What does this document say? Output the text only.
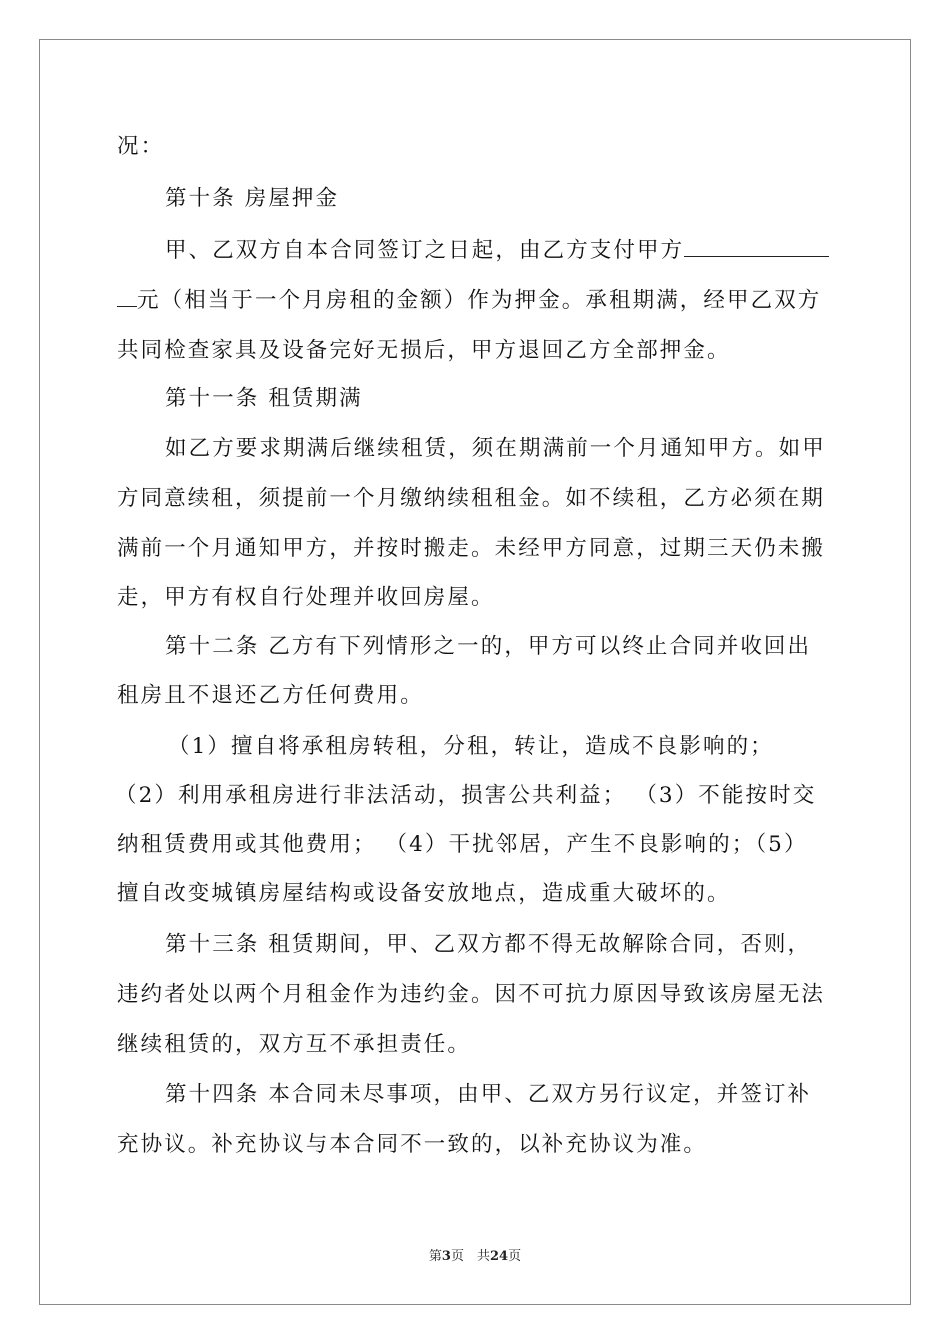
况：
第十条 房屋押金
甲、乙双方自本合同签订之日起，由乙方支付甲方
元（相当于一个月房租的金额）作为押金。承租期满，经甲乙双方
共同检查家具及设备完好无损后，甲方退回乙方全部押金。
第十一条 租赁期满
如乙方要求期满后继续租赁，须在期满前一个月通知甲方。如甲
方同意续租，须提前一个月缴纳续租租金。如不续租，乙方必须在期
满前一个月通知甲方，并按时搬走。未经甲方同意，过期三天仍未搬
走，甲方有权自行处理并收回房屋。
第十二条 乙方有下列情形之一的，甲方可以终止合同并收回出
租房且不退还乙方任何费用。
（1）擅自将承租房转租，分租，转让，造成不良影响的；
（2）利用承租房进行非法活动，损害公共利益； （3）不能按时交
纳租赁费用或其他费用； （4）干扰邻居，产生不良影响的；（5）
擅自改变城镇房屋结构或设备安放地点，造成重大破坏的。
第十三条 租赁期间，甲、乙双方都不得无故解除合同，否则，
违约者处以两个月租金作为违约金。因不可抗力原因导致该房屋无法
继续租赁的，双方互不承担责任。
第十四条 本合同未尽事项，由甲、乙双方另行议定，并签订补
充协议。补充协议与本合同不一致的，以补充协议为准。
第3页　共24页
